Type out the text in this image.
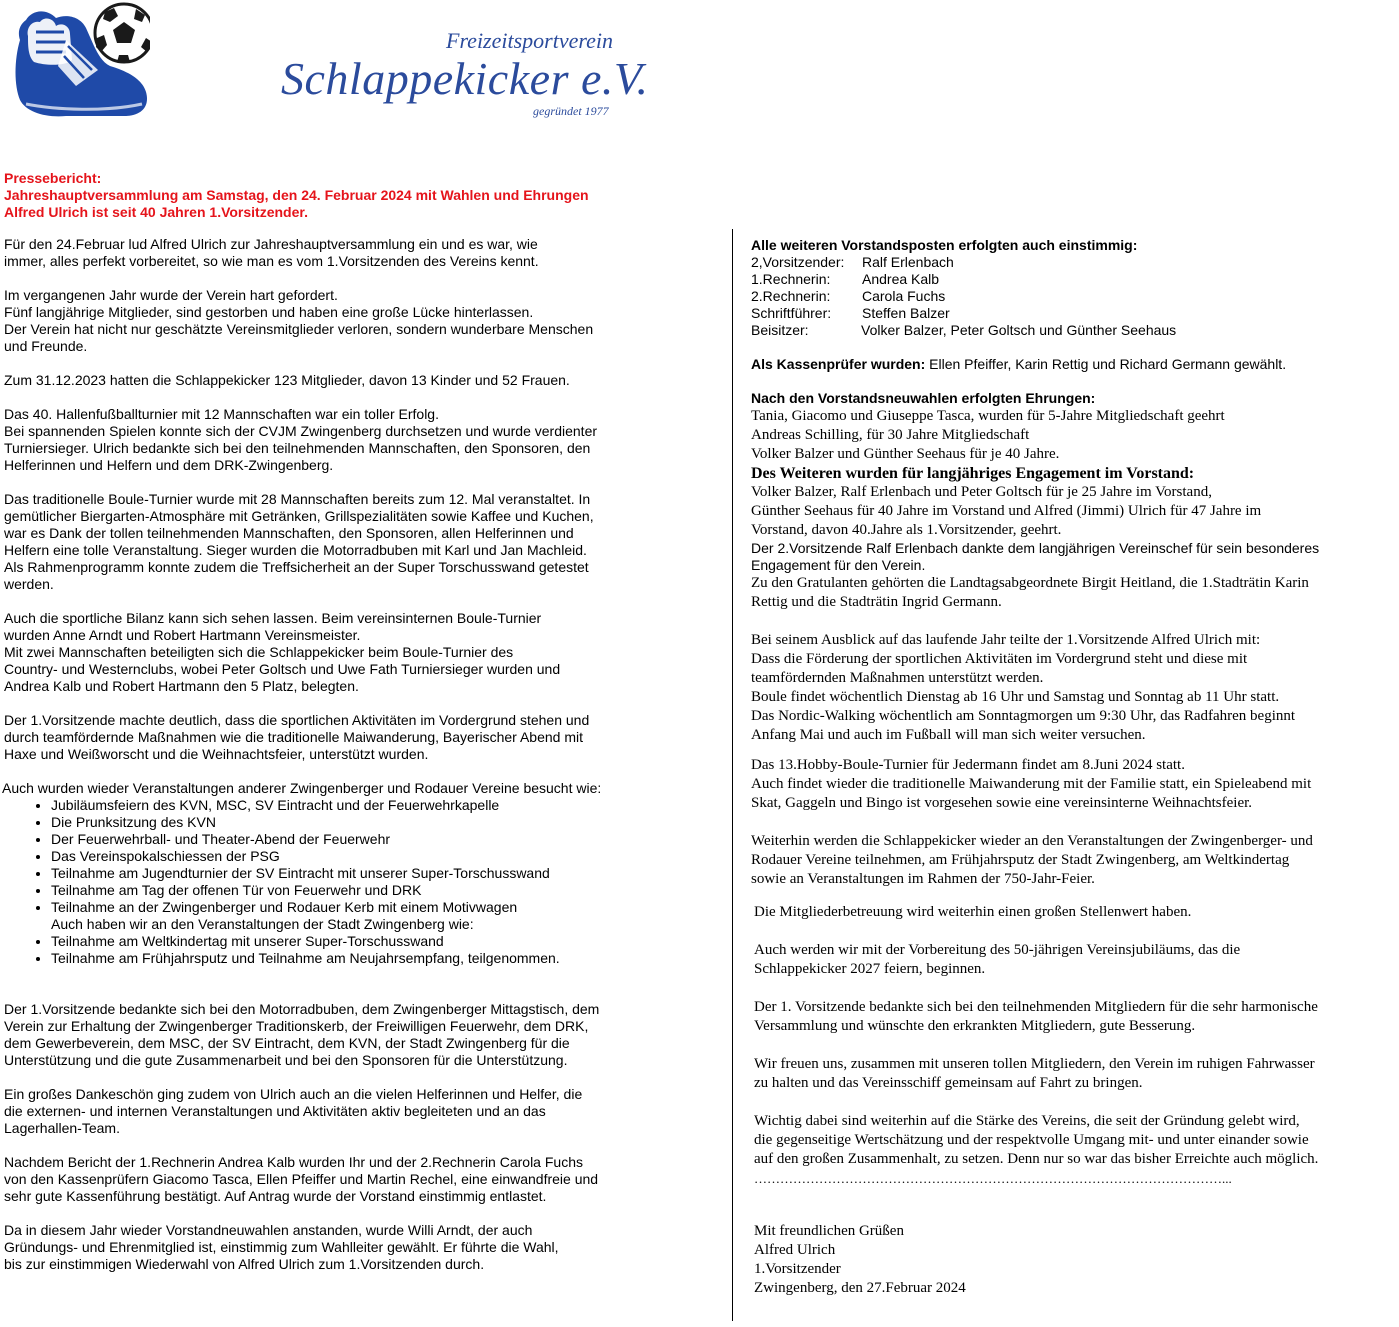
Freizeitsportverein
Schlappekicker e.V.
gegründet 1977

Pressebericht:

Jahreshauptversammlung am Samstag, den 24. Februar 2024 mit Wahlen und Ehrungen

Alfred Ulrich ist seit 40 Jahren 1.Vorsitzender.

Für den 24.Februar lud Alfred Ulrich zur Jahreshauptversammlung ein und es war, wie

immer, alles perfekt vorbereitet, so wie man es vom 1.Vorsitzenden des Vereins kennt.

Im vergangenen Jahr wurde der Verein hart gefordert.

Fünf langjährige Mitglieder, sind gestorben und haben eine große Lücke hinterlassen.

Der Verein hat nicht nur geschätzte Vereinsmitglieder verloren, sondern wunderbare Menschen

und Freunde.

Zum 31.12.2023 hatten die Schlappekicker 123 Mitglieder, davon 13 Kinder und 52 Frauen.

Das 40. Hallenfußballturnier mit 12 Mannschaften war ein toller Erfolg.

Bei spannenden Spielen konnte sich der CVJM Zwingenberg durchsetzen und wurde verdienter

Turniersieger. Ulrich bedankte sich bei den teilnehmenden Mannschaften, den Sponsoren, den

Helferinnen und Helfern und dem DRK-Zwingenberg.

Das traditionelle Boule-Turnier wurde mit 28 Mannschaften bereits zum 12. Mal veranstaltet. In

gemütlicher Biergarten-Atmosphäre mit Getränken, Grillspezialitäten sowie Kaffee und Kuchen,

war es Dank der tollen teilnehmenden Mannschaften, den Sponsoren, allen Helferinnen und

Helfern eine tolle Veranstaltung. Sieger wurden die Motorradbuben mit Karl und Jan Machleid.

Als Rahmenprogramm konnte zudem die Treffsicherheit an der Super Torschusswand getestet

werden.

Auch die sportliche Bilanz kann sich sehen lassen. Beim vereinsinternen Boule-Turnier

wurden Anne Arndt und Robert Hartmann Vereinsmeister.

Mit zwei Mannschaften beteiligten sich die Schlappekicker beim Boule-Turnier des

Country- und Westernclubs, wobei Peter Goltsch und Uwe Fath Turniersieger wurden und

Andrea Kalb und Robert Hartmann den 5 Platz, belegten.

Der 1.Vorsitzende machte deutlich, dass die sportlichen Aktivitäten im Vordergrund stehen und

durch teamfördernde Maßnahmen wie die traditionelle Maiwanderung, Bayerischer Abend mit

Haxe und Weißworscht und die Weihnachtsfeier, unterstützt wurden.

Auch wurden wieder Veranstaltungen anderer Zwingenberger und Rodauer Vereine besucht wie:

• Jubiläumsfeiern des KVN, MSC, SV Eintracht und der Feuerwehrkapelle
• Die Prunksitzung des KVN
• Der Feuerwehrball- und Theater-Abend der Feuerwehr
• Das Vereinspokalschiessen der PSG
• Teilnahme am Jugendturnier der SV Eintracht mit unserer Super-Torschusswand
• Teilnahme am Tag der offenen Tür von Feuerwehr und DRK
• Teilnahme an der Zwingenberger und Rodauer Kerb mit einem Motivwagen

Auch haben wir an den Veranstaltungen der Stadt Zwingenberg wie:

• Teilnahme am Weltkindertag mit unserer Super-Torschusswand
• Teilnahme am Frühjahrsputz und Teilnahme am Neujahrsempfang, teilgenommen.

Der 1.Vorsitzende bedankte sich bei den Motorradbuben, dem Zwingenberger Mittagstisch, dem

Verein zur Erhaltung der Zwingenberger Traditionskerb, der Freiwilligen Feuerwehr, dem DRK,

dem Gewerbeverein, dem MSC, der SV Eintracht, dem KVN, der Stadt Zwingenberg für die

Unterstützung und die gute Zusammenarbeit und bei den Sponsoren für die Unterstützung.

Ein großes Dankeschön ging zudem von Ulrich auch an die vielen Helferinnen und Helfer, die

die externen- und internen Veranstaltungen und Aktivitäten aktiv begleiteten und an das

Lagerhallen-Team.

Nachdem Bericht der 1.Rechnerin Andrea Kalb wurden Ihr und der 2.Rechnerin Carola Fuchs

von den Kassenprüfern Giacomo Tasca, Ellen Pfeiffer und Martin Rechel, eine einwandfreie und

sehr gute Kassenführung bestätigt. Auf Antrag wurde der Vorstand einstimmig entlastet.

Da in diesem Jahr wieder Vorstandneuwahlen anstanden, wurde Willi Arndt, der auch

Gründungs- und Ehrenmitglied ist, einstimmig zum Wahlleiter gewählt. Er führte die Wahl,

bis zur einstimmigen Wiederwahl von Alfred Ulrich zum 1.Vorsitzenden durch.

Alle weiteren Vorstandsposten erfolgten auch einstimmig:

2,Vorsitzender:	Ralf Erlenbach
1.Rechnerin:	Andrea Kalb
2.Rechnerin:	Carola Fuchs
Schriftführer:	Steffen Balzer
Beisitzer:	Volker Balzer, Peter Goltsch und Günther Seehaus

Als Kassenprüfer wurden: Ellen Pfeiffer, Karin Rettig und Richard Germann gewählt.

Nach den Vorstandsneuwahlen erfolgten Ehrungen:

Tania, Giacomo und Giuseppe Tasca, wurden für 5-Jahre Mitgliedschaft geehrt

Andreas Schilling, für 30 Jahre Mitgliedschaft

Volker Balzer und Günther Seehaus für je 40 Jahre.

Des Weiteren wurden für langjähriges Engagement im Vorstand:

Volker Balzer, Ralf Erlenbach und Peter Goltsch für je 25 Jahre im Vorstand,

Günther Seehaus für 40 Jahre im Vorstand und Alfred (Jimmi) Ulrich für 47 Jahre im

Vorstand, davon 40.Jahre als 1.Vorsitzender, geehrt.

Der 2.Vorsitzende Ralf Erlenbach dankte dem langjährigen Vereinschef für sein besonderes

Engagement für den Verein.

Zu den Gratulanten gehörten die Landtagsabgeordnete Birgit Heitland, die 1.Stadträtin Karin

Rettig und die Stadträtin Ingrid Germann.

Bei seinem Ausblick auf das laufende Jahr teilte der 1.Vorsitzende Alfred Ulrich mit:

Dass die Förderung der sportlichen Aktivitäten im Vordergrund steht und diese mit

teamfördernden Maßnahmen unterstützt werden.

Boule findet wöchentlich Dienstag ab 16 Uhr und Samstag und Sonntag ab 11 Uhr statt.

Das Nordic-Walking wöchentlich am Sonntagmorgen um 9:30 Uhr, das Radfahren beginnt

Anfang Mai und auch im Fußball will man sich weiter versuchen.

Das 13.Hobby-Boule-Turnier für Jedermann findet am 8.Juni 2024 statt.

Auch findet wieder die traditionelle Maiwanderung mit der Familie statt, ein Spieleabend mit

Skat, Gaggeln und Bingo ist vorgesehen sowie eine vereinsinterne Weihnachtsfeier.

Weiterhin werden die Schlappekicker wieder an den Veranstaltungen der Zwingenberger- und

Rodauer Vereine teilnehmen, am Frühjahrsputz der Stadt Zwingenberg, am Weltkindertag

sowie an Veranstaltungen im Rahmen der 750-Jahr-Feier.

Die Mitgliederbetreuung wird weiterhin einen großen Stellenwert haben.

Auch werden wir mit der Vorbereitung des 50-jährigen Vereinsjubiläums, das die

Schlappekicker 2027 feiern, beginnen.

Der 1. Vorsitzende bedankte sich bei den teilnehmenden Mitgliedern für die sehr harmonische

Versammlung und wünschte den erkrankten Mitgliedern, gute Besserung.

Wir freuen uns, zusammen mit unseren tollen Mitgliedern, den Verein im ruhigen Fahrwasser

zu halten und das Vereinsschiff gemeinsam auf Fahrt zu bringen.

Wichtig dabei sind weiterhin auf die Stärke des Vereins, die seit der Gründung gelebt wird,

die gegenseitige Wertschätzung und der respektvolle Umgang mit- und unter einander sowie

auf den großen Zusammenhalt, zu setzen. Denn nur so war das bisher Erreichte auch möglich.

………………………………………………………………………………………………...

Mit freundlichen Grüßen

Alfred Ulrich

1.Vorsitzender

Zwingenberg, den 27.Februar 2024
